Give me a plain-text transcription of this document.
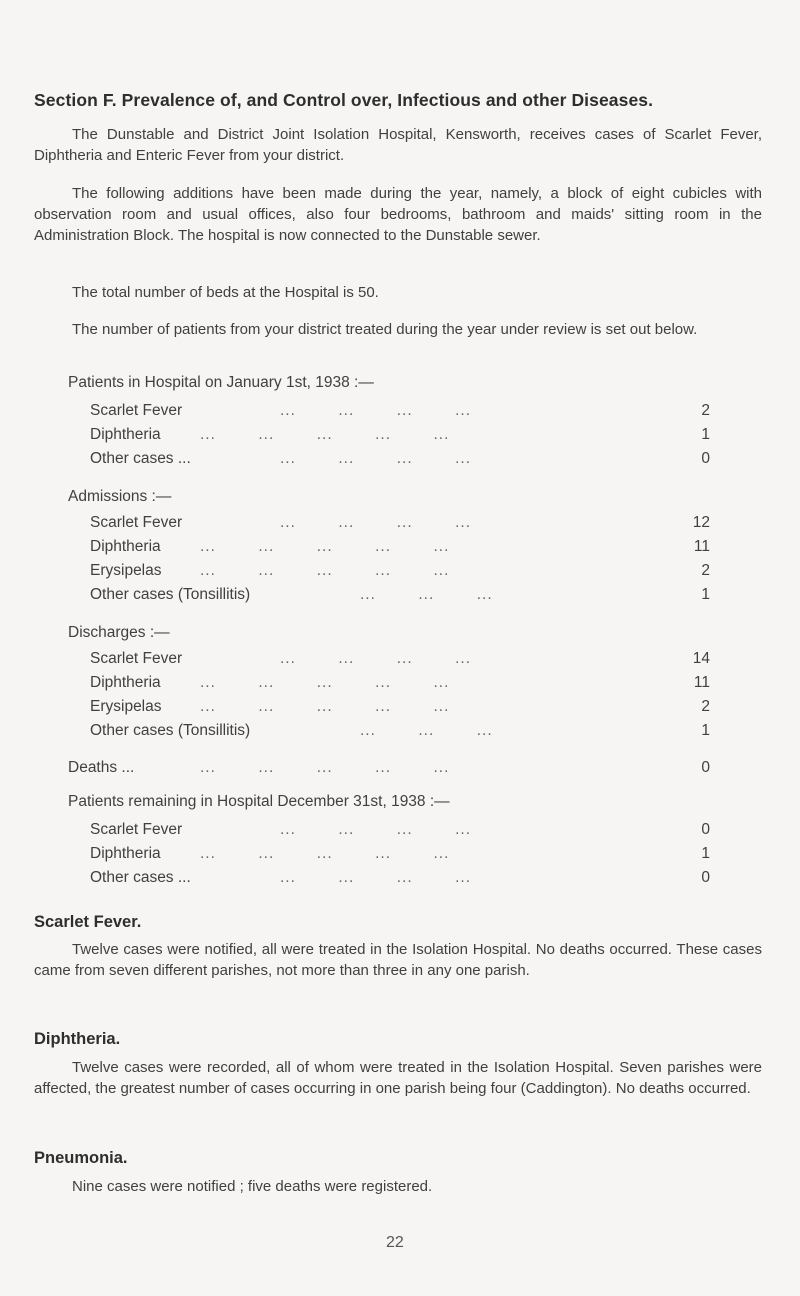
Section F. Prevalence of, and Control over, Infectious and other Diseases.
The Dunstable and District Joint Isolation Hospital, Kensworth, receives cases of Scarlet Fever, Diphtheria and Enteric Fever from your district.
The following additions have been made during the year, namely, a block of eight cubicles with observation room and usual offices, also four bedrooms, bathroom and maids' sitting room in the Administration Block. The hospital is now connected to the Dunstable sewer.
The total number of beds at the Hospital is 50.
The number of patients from your district treated during the year under review is set out below.
Patients in Hospital on January 1st, 1938 :—
Scarlet Fever	...        ...        ...        ...	2
Diphtheria	...        ...        ...        ...        ...	1
Other cases ...	...        ...        ...        ...	0
Admissions :—
Scarlet Fever	...        ...        ...        ...	12
Diphtheria	...        ...        ...        ...        ...	11
Erysipelas ...        ...        ...        ...        ...	2
Other cases (Tonsillitis)	...        ...        ...	1
Discharges :—
Scarlet Fever	...        ...        ...        ...	14
Diphtheria	...        ...        ...        ...        ...	11
Erysipelas ...        ...        ...        ...        ...	2
Other cases (Tonsillitis)	...        ...        ...	1
Deaths ...	...        ...        ...        ...        ...	0
Patients remaining in Hospital December 31st, 1938 :—
Scarlet Fever	...        ...        ...        ...	0
Diphtheria	...        ...        ...        ...        ...	1
Other cases ...	...        ...        ...        ...	0
Scarlet Fever.
Twelve cases were notified, all were treated in the Isolation Hospital. No deaths occurred. These cases came from seven different parishes, not more than three in any one parish.
Diphtheria.
Twelve cases were recorded, all of whom were treated in the Isolation Hospital. Seven parishes were affected, the greatest number of cases occurring in one parish being four (Caddington). No deaths occurred.
Pneumonia.
Nine cases were notified ; five deaths were registered.
22
